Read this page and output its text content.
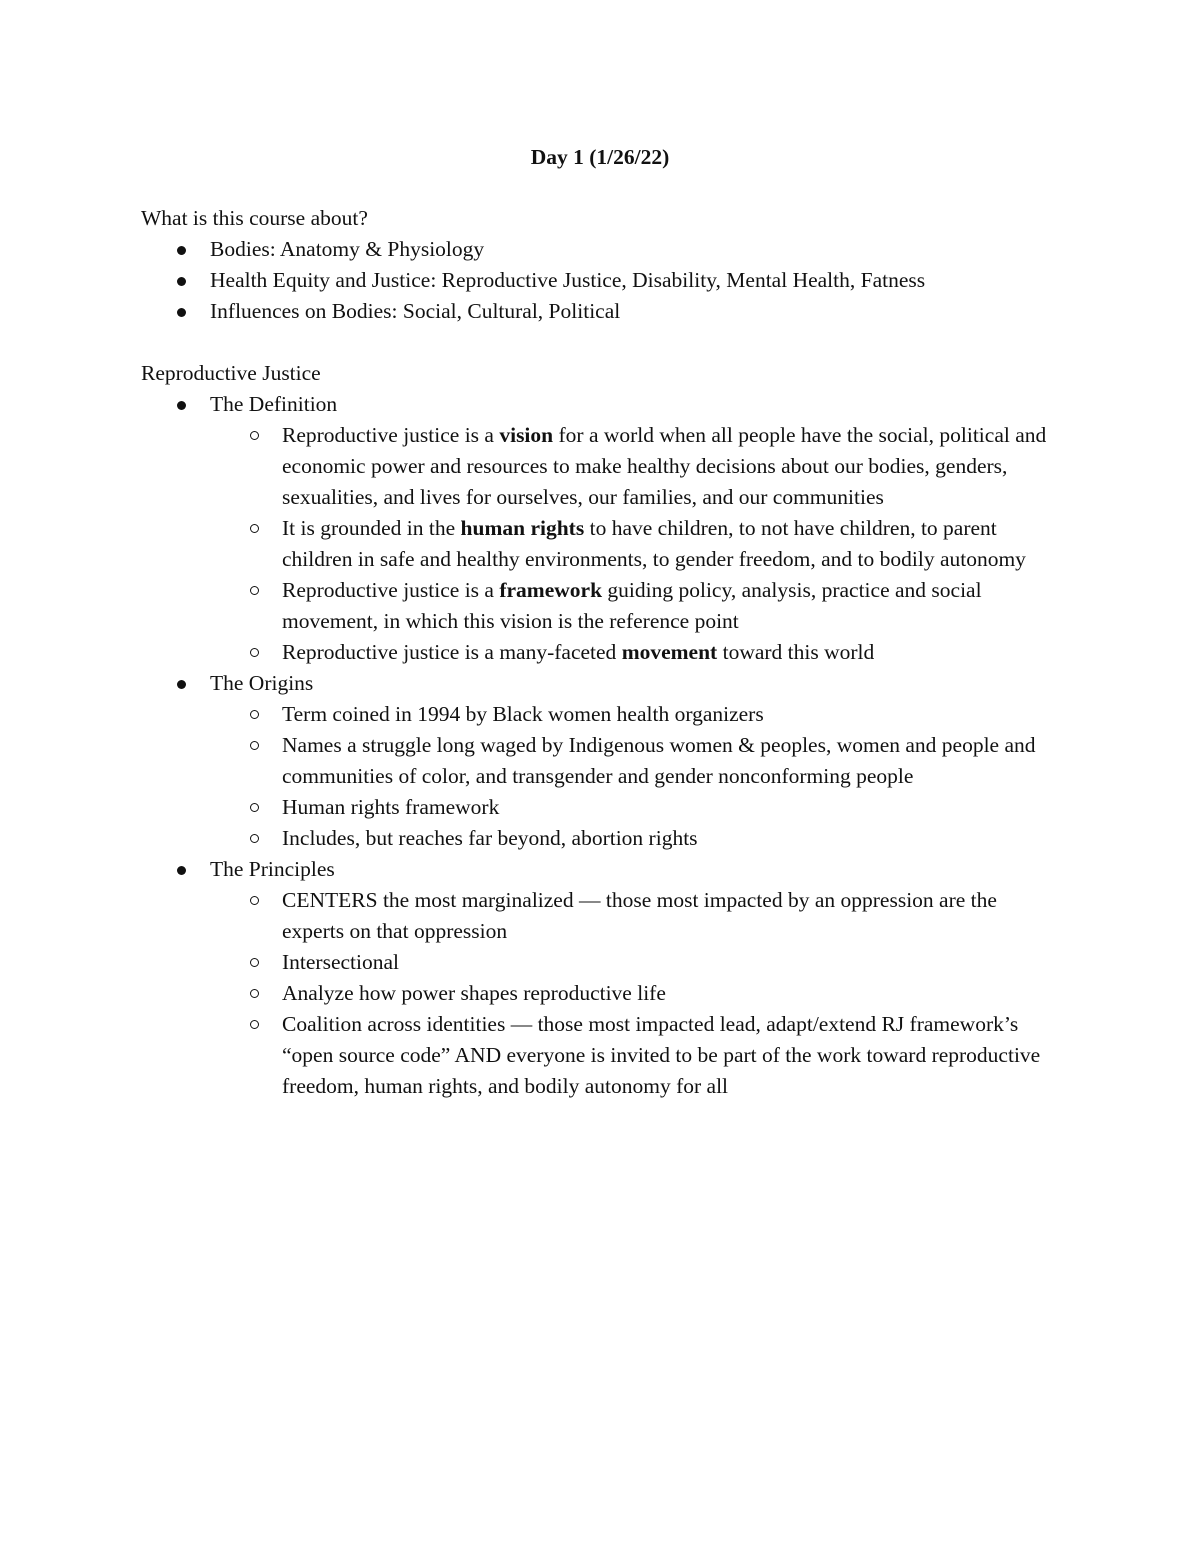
Day 1 (1/26/22)
What is this course about?
Bodies: Anatomy & Physiology
Health Equity and Justice: Reproductive Justice, Disability, Mental Health, Fatness
Influences on Bodies: Social, Cultural, Political
Reproductive Justice
The Definition
Reproductive justice is a vision for a world when all people have the social, political and economic power and resources to make healthy decisions about our bodies, genders, sexualities, and lives for ourselves, our families, and our communities
It is grounded in the human rights to have children, to not have children, to parent children in safe and healthy environments, to gender freedom, and to bodily autonomy
Reproductive justice is a framework guiding policy, analysis, practice and social movement, in which this vision is the reference point
Reproductive justice is a many-faceted movement toward this world
The Origins
Term coined in 1994 by Black women health organizers
Names a struggle long waged by Indigenous women & peoples, women and people and communities of color, and transgender and gender nonconforming people
Human rights framework
Includes, but reaches far beyond, abortion rights
The Principles
CENTERS the most marginalized — those most impacted by an oppression are the experts on that oppression
Intersectional
Analyze how power shapes reproductive life
Coalition across identities — those most impacted lead, adapt/extend RJ framework’s “open source code” AND everyone is invited to be part of the work toward reproductive freedom, human rights, and bodily autonomy for all
